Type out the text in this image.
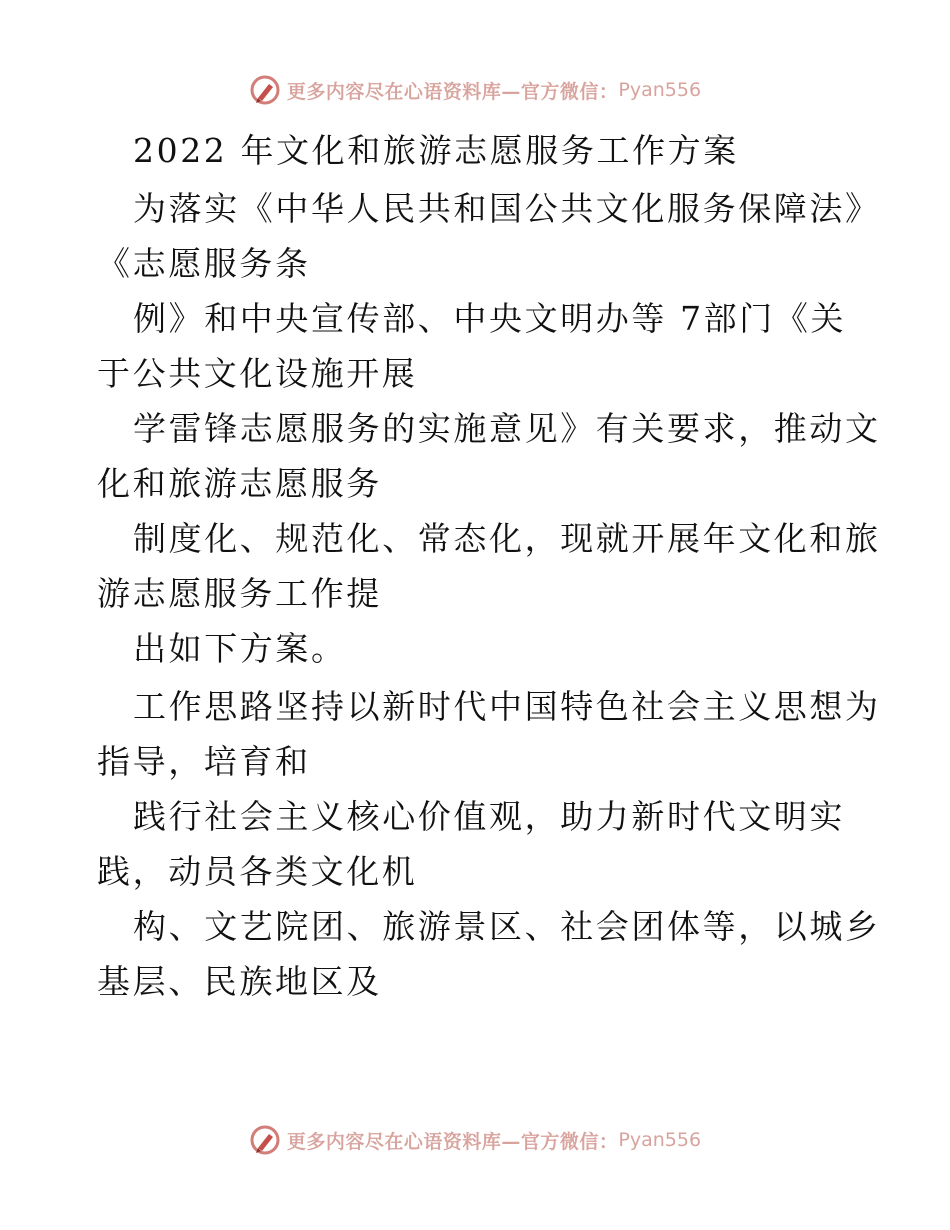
更多内容尽在心语资料库—官方微信： Pyan556
2022 年文化和旅游志愿服务工作方案
为落实《中华人民共和国公共文化服务保障法》
《志愿服务条
例》和中央宣传部、中央文明办等 7部门《关
于公共文化设施开展
学雷锋志愿服务的实施意见》有关要求，推动文
化和旅游志愿服务
制度化、规范化、常态化，现就开展年文化和旅
游志愿服务工作提
出如下方案。
工作思路坚持以新时代中国特色社会主义思想为
指导，培育和
践行社会主义核心价值观，助力新时代文明实
践，动员各类文化机
构、文艺院团、旅游景区、社会团体等，以城乡
基层、民族地区及
更多内容尽在心语资料库—官方微信： Pyan556
